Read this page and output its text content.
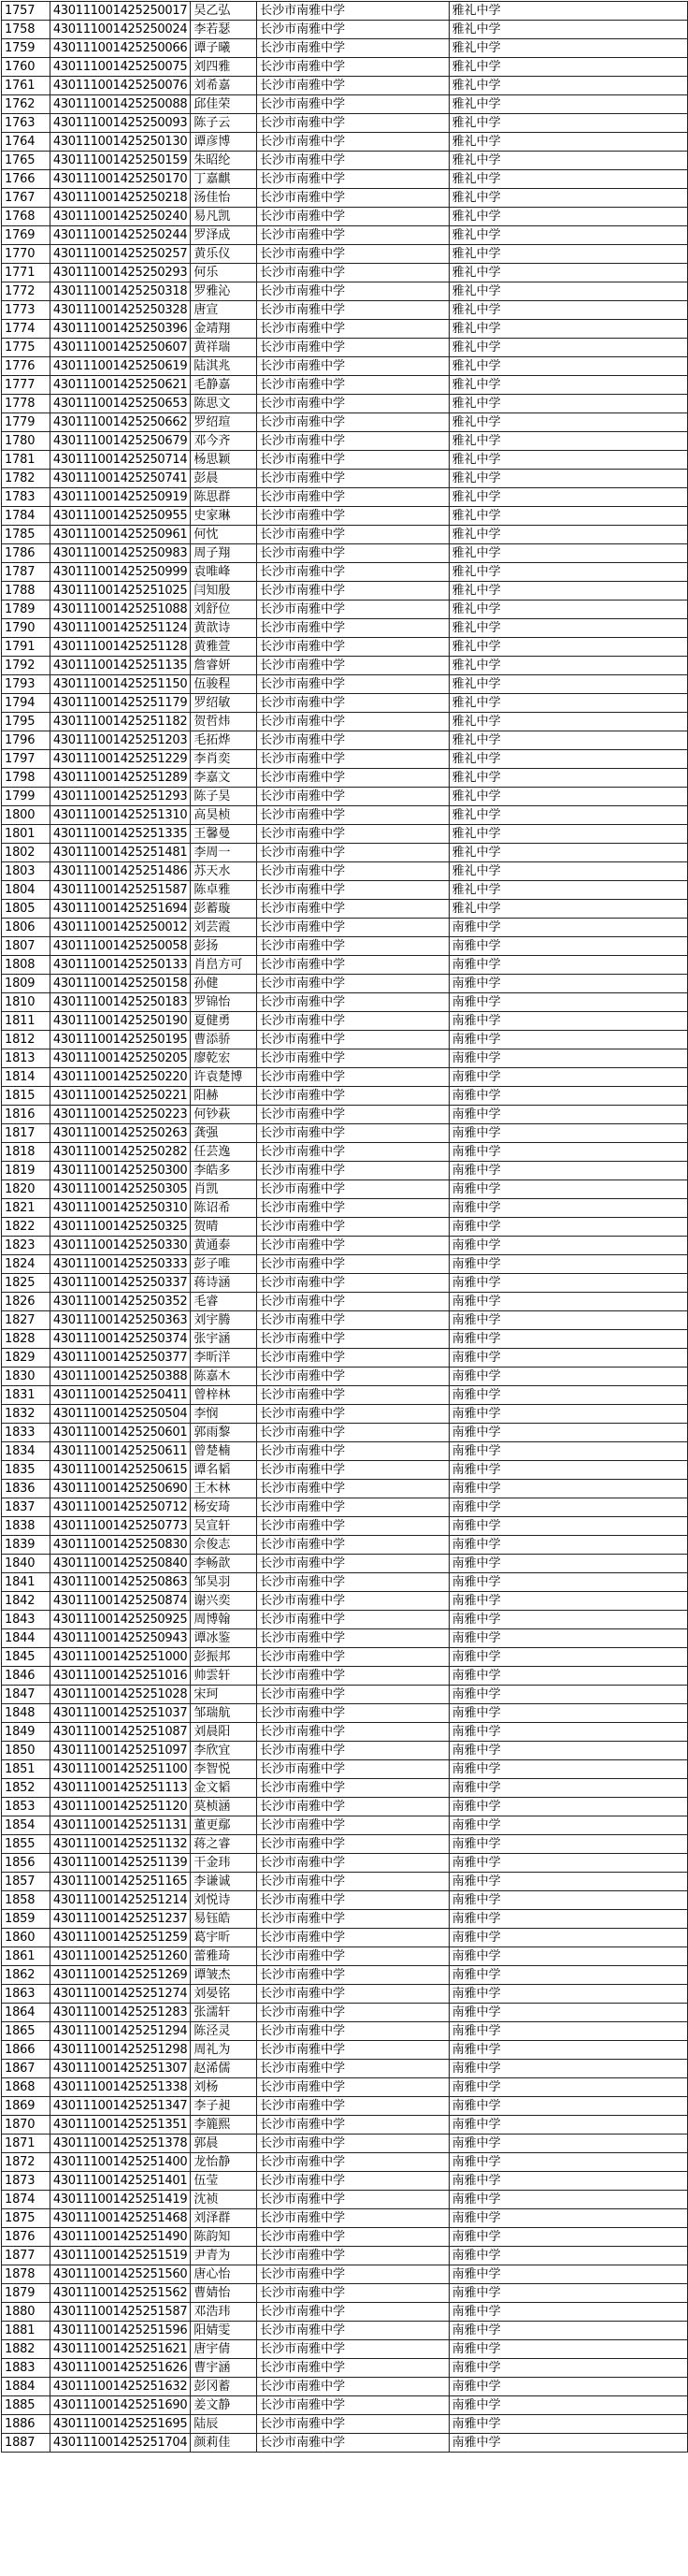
1757	430111001425250017	吴乙弘	长沙市南雅中学	雅礼中学
1758	430111001425250024	李若瑟	长沙市南雅中学	雅礼中学
1759	430111001425250066	谭子曦	长沙市南雅中学	雅礼中学
1760	430111001425250075	刘四雅	长沙市南雅中学	雅礼中学
1761	430111001425250076	刘希嘉	长沙市南雅中学	雅礼中学
1762	430111001425250088	邱佳荣	长沙市南雅中学	雅礼中学
1763	430111001425250093	陈子云	长沙市南雅中学	雅礼中学
1764	430111001425250130	谭彦博	长沙市南雅中学	雅礼中学
1765	430111001425250159	朱昭纶	长沙市南雅中学	雅礼中学
1766	430111001425250170	丁嘉麒	长沙市南雅中学	雅礼中学
1767	430111001425250218	汤佳怡	长沙市南雅中学	雅礼中学
1768	430111001425250240	易凡凯	长沙市南雅中学	雅礼中学
1769	430111001425250244	罗泽成	长沙市南雅中学	雅礼中学
1770	430111001425250257	黄乐仪	长沙市南雅中学	雅礼中学
1771	430111001425250293	何乐	长沙市南雅中学	雅礼中学
1772	430111001425250318	罗雅沁	长沙市南雅中学	雅礼中学
1773	430111001425250328	唐宣	长沙市南雅中学	雅礼中学
1774	430111001425250396	金靖翔	长沙市南雅中学	雅礼中学
1775	430111001425250607	黄祥瑞	长沙市南雅中学	雅礼中学
1776	430111001425250619	陆淇兆	长沙市南雅中学	雅礼中学
1777	430111001425250621	毛静嘉	长沙市南雅中学	雅礼中学
1778	430111001425250653	陈思文	长沙市南雅中学	雅礼中学
1779	430111001425250662	罗绍瑄	长沙市南雅中学	雅礼中学
1780	430111001425250679	邓今齐	长沙市南雅中学	雅礼中学
1781	430111001425250714	杨思颖	长沙市南雅中学	雅礼中学
1782	430111001425250741	彭晨	长沙市南雅中学	雅礼中学
1783	430111001425250919	陈思群	长沙市南雅中学	雅礼中学
1784	430111001425250955	史家琳	长沙市南雅中学	雅礼中学
1785	430111001425250961	何忱	长沙市南雅中学	雅礼中学
1786	430111001425250983	周子翔	长沙市南雅中学	雅礼中学
1787	430111001425250999	袁唯峰	长沙市南雅中学	雅礼中学
1788	430111001425251025	闫知殷	长沙市南雅中学	雅礼中学
1789	430111001425251088	刘舒位	长沙市南雅中学	雅礼中学
1790	430111001425251124	黄歆诗	长沙市南雅中学	雅礼中学
1791	430111001425251128	黄雅萱	长沙市南雅中学	雅礼中学
1792	430111001425251135	詹睿妍	长沙市南雅中学	雅礼中学
1793	430111001425251150	伍骏程	长沙市南雅中学	雅礼中学
1794	430111001425251179	罗绍敏	长沙市南雅中学	雅礼中学
1795	430111001425251182	贺哲炜	长沙市南雅中学	雅礼中学
1796	430111001425251203	毛拓烨	长沙市南雅中学	雅礼中学
1797	430111001425251229	李肖奕	长沙市南雅中学	雅礼中学
1798	430111001425251289	李嘉文	长沙市南雅中学	雅礼中学
1799	430111001425251293	陈子昊	长沙市南雅中学	雅礼中学
1800	430111001425251310	高昊桢	长沙市南雅中学	雅礼中学
1801	430111001425251335	王馨曼	长沙市南雅中学	雅礼中学
1802	430111001425251481	李周一	长沙市南雅中学	雅礼中学
1803	430111001425251486	苏天水	长沙市南雅中学	雅礼中学
1804	430111001425251587	陈卓雅	长沙市南雅中学	雅礼中学
1805	430111001425251694	彭蓄璇	长沙市南雅中学	雅礼中学
1806	430111001425250012	刘芸霞	长沙市南雅中学	南雅中学
1807	430111001425250058	彭扬	长沙市南雅中学	南雅中学
1808	430111001425250133	肖峊方可	长沙市南雅中学	南雅中学
1809	430111001425250158	孙健	长沙市南雅中学	南雅中学
1810	430111001425250183	罗锦怡	长沙市南雅中学	南雅中学
1811	430111001425250190	夏健勇	长沙市南雅中学	南雅中学
1812	430111001425250195	曹添骄	长沙市南雅中学	南雅中学
1813	430111001425250205	廖乾宏	长沙市南雅中学	南雅中学
1814	430111001425250220	许袁楚博	长沙市南雅中学	南雅中学
1815	430111001425250221	阳赫	长沙市南雅中学	南雅中学
1816	430111001425250223	何钞萩	长沙市南雅中学	南雅中学
1817	430111001425250263	龚强	长沙市南雅中学	南雅中学
1818	430111001425250282	任芸逸	长沙市南雅中学	南雅中学
1819	430111001425250300	李皓多	长沙市南雅中学	南雅中学
1820	430111001425250305	肖凯	长沙市南雅中学	南雅中学
1821	430111001425250310	陈诏希	长沙市南雅中学	南雅中学
1822	430111001425250325	贺晴	长沙市南雅中学	南雅中学
1823	430111001425250330	黄通泰	长沙市南雅中学	南雅中学
1824	430111001425250333	彭子唯	长沙市南雅中学	南雅中学
1825	430111001425250337	蒋诗涵	长沙市南雅中学	南雅中学
1826	430111001425250352	毛睿	长沙市南雅中学	南雅中学
1827	430111001425250363	刘宇腾	长沙市南雅中学	南雅中学
1828	430111001425250374	张宇涵	长沙市南雅中学	南雅中学
1829	430111001425250377	李昕洋	长沙市南雅中学	南雅中学
1830	430111001425250388	陈嘉木	长沙市南雅中学	南雅中学
1831	430111001425250411	曾梓林	长沙市南雅中学	南雅中学
1832	430111001425250504	李悯	长沙市南雅中学	南雅中学
1833	430111001425250601	郭雨黎	长沙市南雅中学	南雅中学
1834	430111001425250611	曾楚楠	长沙市南雅中学	南雅中学
1835	430111001425250615	谭名韬	长沙市南雅中学	南雅中学
1836	430111001425250690	王木林	长沙市南雅中学	南雅中学
1837	430111001425250712	杨安琦	长沙市南雅中学	南雅中学
1838	430111001425250773	吴宣轩	长沙市南雅中学	南雅中学
1839	430111001425250830	佘俊志	长沙市南雅中学	南雅中学
1840	430111001425250840	李畅歆	长沙市南雅中学	南雅中学
1841	430111001425250863	邹昊羽	长沙市南雅中学	南雅中学
1842	430111001425250874	谢兴奕	长沙市南雅中学	南雅中学
1843	430111001425250925	周博翰	长沙市南雅中学	南雅中学
1844	430111001425250943	谭冰鉴	长沙市南雅中学	南雅中学
1845	430111001425251000	彭振邦	长沙市南雅中学	南雅中学
1846	430111001425251016	帅雲轩	长沙市南雅中学	南雅中学
1847	430111001425251028	宋珂	长沙市南雅中学	南雅中学
1848	430111001425251037	邹瑞航	长沙市南雅中学	南雅中学
1849	430111001425251087	刘晨阳	长沙市南雅中学	南雅中学
1850	430111001425251097	李欣宜	长沙市南雅中学	南雅中学
1851	430111001425251100	李智悦	长沙市南雅中学	南雅中学
1852	430111001425251113	金文韬	长沙市南雅中学	南雅中学
1853	430111001425251120	莫桢涵	长沙市南雅中学	南雅中学
1854	430111001425251131	董更鄢	长沙市南雅中学	南雅中学
1855	430111001425251132	蒋之睿	长沙市南雅中学	南雅中学
1856	430111001425251139	干金玮	长沙市南雅中学	南雅中学
1857	430111001425251165	李谦诚	长沙市南雅中学	南雅中学
1858	430111001425251214	刘悦诗	长沙市南雅中学	南雅中学
1859	430111001425251237	易钰皓	长沙市南雅中学	南雅中学
1860	430111001425251259	葛宇昕	长沙市南雅中学	南雅中学
1861	430111001425251260	蕾雅琦	长沙市南雅中学	南雅中学
1862	430111001425251269	谭皱杰	长沙市南雅中学	南雅中学
1863	430111001425251274	刘晏铭	长沙市南雅中学	南雅中学
1864	430111001425251283	张濡轩	长沙市南雅中学	南雅中学
1865	430111001425251294	陈泾灵	长沙市南雅中学	南雅中学
1866	430111001425251298	周礼为	长沙市南雅中学	南雅中学
1867	430111001425251307	赵浠儒	长沙市南雅中学	南雅中学
1868	430111001425251338	刘杨	长沙市南雅中学	南雅中学
1869	430111001425251347	李子昶	长沙市南雅中学	南雅中学
1870	430111001425251351	李簏熙	长沙市南雅中学	南雅中学
1871	430111001425251378	郭晨	长沙市南雅中学	南雅中学
1872	430111001425251400	龙怡静	长沙市南雅中学	南雅中学
1873	430111001425251401	伍莹	长沙市南雅中学	南雅中学
1874	430111001425251419	沈祯	长沙市南雅中学	南雅中学
1875	430111001425251468	刘泽群	长沙市南雅中学	南雅中学
1876	430111001425251490	陈韵知	长沙市南雅中学	南雅中学
1877	430111001425251519	尹青为	长沙市南雅中学	南雅中学
1878	430111001425251560	唐心怡	长沙市南雅中学	南雅中学
1879	430111001425251562	曹婧怡	长沙市南雅中学	南雅中学
1880	430111001425251587	邓浩玮	长沙市南雅中学	南雅中学
1881	430111001425251596	阳婧雯	长沙市南雅中学	南雅中学
1882	430111001425251621	唐宇倩	长沙市南雅中学	南雅中学
1883	430111001425251626	曹宇涵	长沙市南雅中学	南雅中学
1884	430111001425251632	彭冈蓄	长沙市南雅中学	南雅中学
1885	430111001425251690	姜文静	长沙市南雅中学	南雅中学
1886	430111001425251695	陆辰	长沙市南雅中学	南雅中学
1887	430111001425251704	颜莉佳	长沙市南雅中学	南雅中学
